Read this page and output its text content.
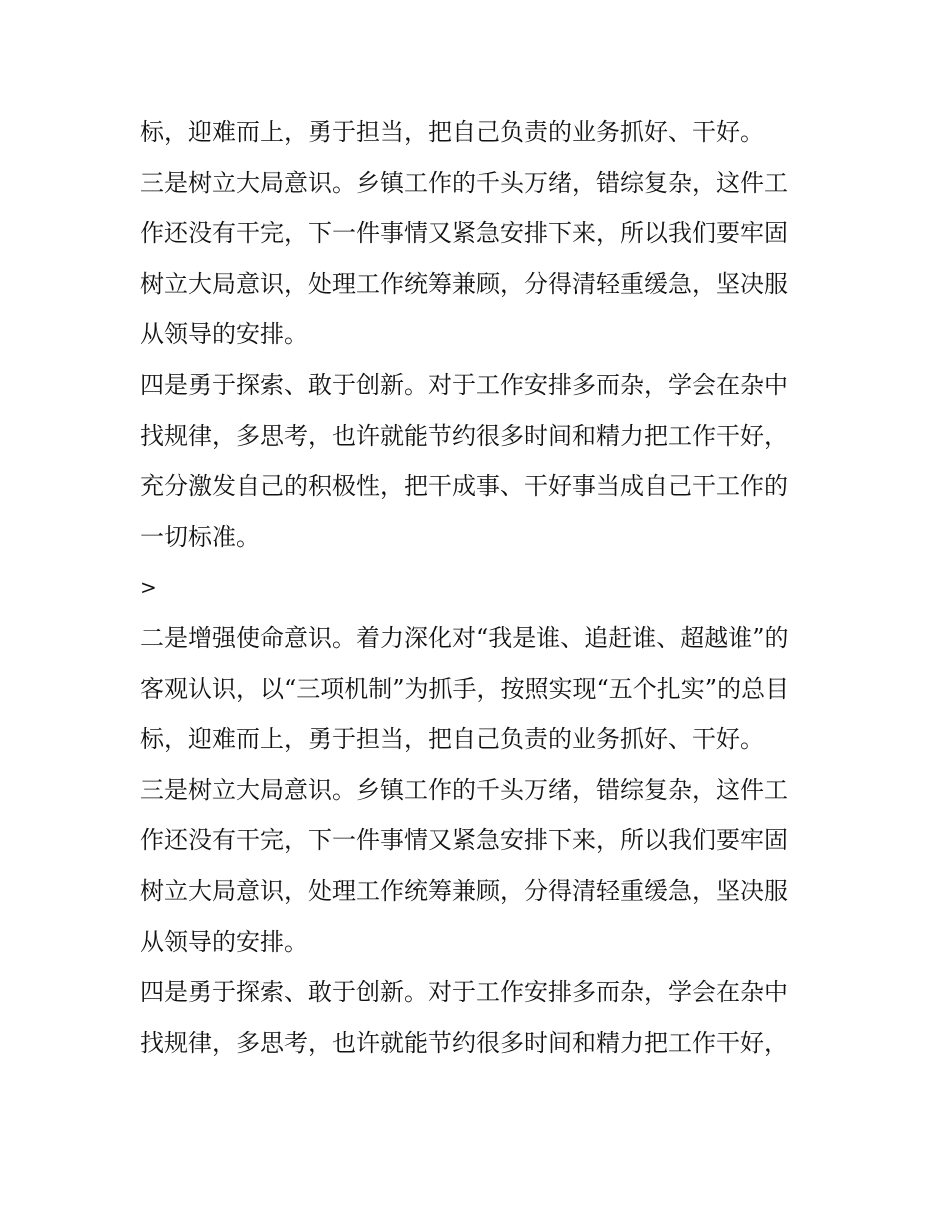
标，迎难而上，勇于担当，把自己负责的业务抓好、干好。
三是树立大局意识。乡镇工作的千头万绪，错综复杂，这件工
作还没有干完，下一件事情又紧急安排下来，所以我们要牢固
树立大局意识，处理工作统筹兼顾，分得清轻重缓急，坚决服
从领导的安排。
四是勇于探索、敢于创新。对于工作安排多而杂，学会在杂中
找规律，多思考，也许就能节约很多时间和精力把工作干好，
充分激发自己的积极性，把干成事、干好事当成自己干工作的
一切标准。
>
二是增强使命意识。着力深化对“我是谁、追赶谁、超越谁”的
客观认识，以“三项机制”为抓手，按照实现“五个扎实”的总目
标，迎难而上，勇于担当，把自己负责的业务抓好、干好。
三是树立大局意识。乡镇工作的千头万绪，错综复杂，这件工
作还没有干完，下一件事情又紧急安排下来，所以我们要牢固
树立大局意识，处理工作统筹兼顾，分得清轻重缓急，坚决服
从领导的安排。
四是勇于探索、敢于创新。对于工作安排多而杂，学会在杂中
找规律，多思考，也许就能节约很多时间和精力把工作干好，
